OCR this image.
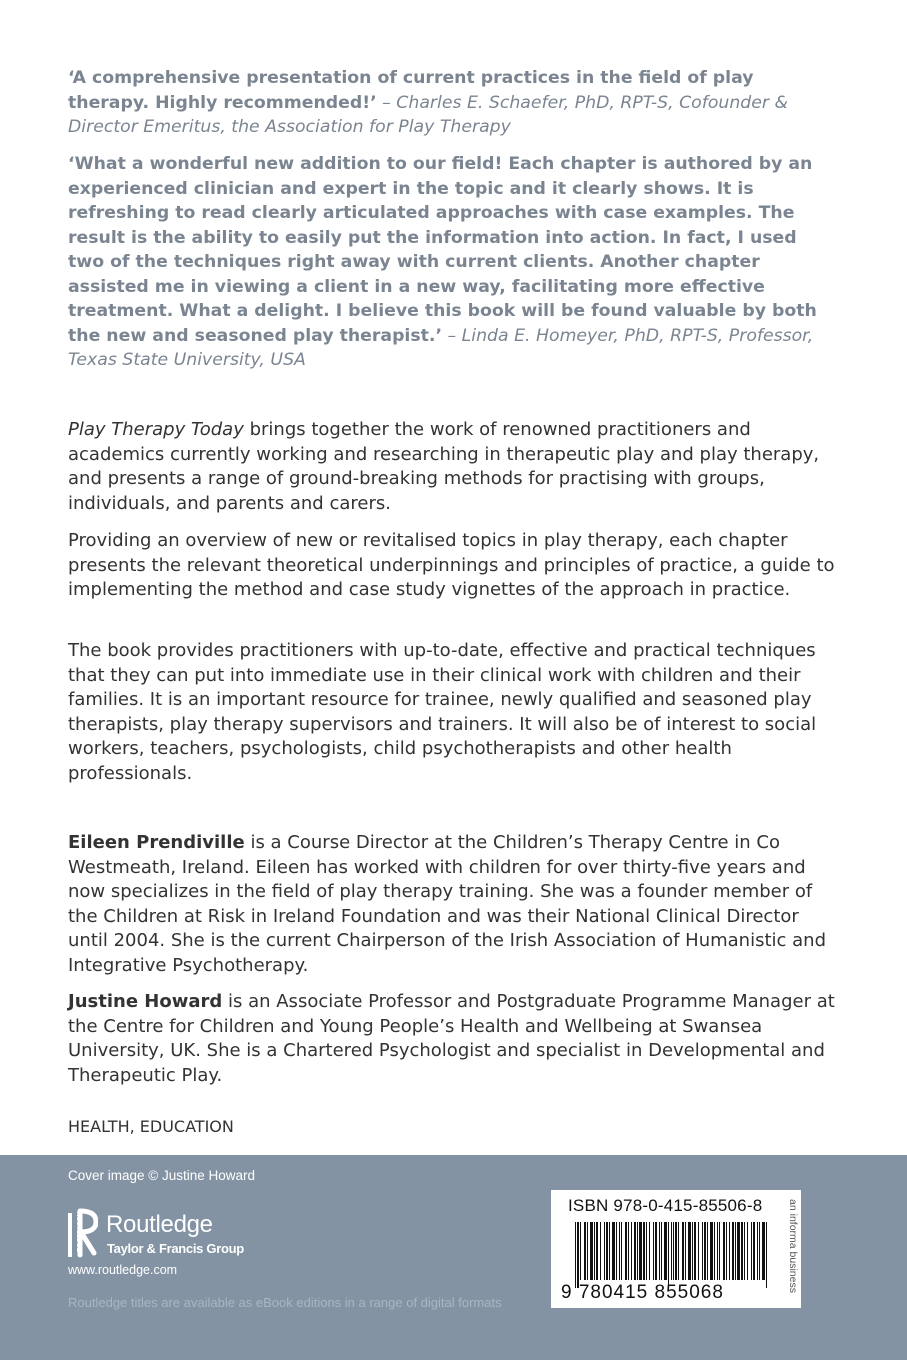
‘A comprehensive presentation of current practices in the field of play therapy. Highly recommended!’ – Charles E. Schaefer, PhD, RPT-S, Cofounder & Director Emeritus, the Association for Play Therapy
‘What a wonderful new addition to our field! Each chapter is authored by an experienced clinician and expert in the topic and it clearly shows. It is refreshing to read clearly articulated approaches with case examples. The result is the ability to easily put the information into action. In fact, I used two of the techniques right away with current clients. Another chapter assisted me in viewing a client in a new way, facilitating more effective treatment. What a delight. I believe this book will be found valuable by both the new and seasoned play therapist.’ – Linda E. Homeyer, PhD, RPT-S, Professor, Texas State University, USA
Play Therapy Today brings together the work of renowned practitioners and academics currently working and researching in therapeutic play and play therapy, and presents a range of ground-breaking methods for practising with groups, individuals, and parents and carers.
Providing an overview of new or revitalised topics in play therapy, each chapter presents the relevant theoretical underpinnings and principles of practice, a guide to implementing the method and case study vignettes of the approach in practice.
The book provides practitioners with up-to-date, effective and practical techniques that they can put into immediate use in their clinical work with children and their families. It is an important resource for trainee, newly qualified and seasoned play therapists, play therapy supervisors and trainers. It will also be of interest to social workers, teachers, psychologists, child psychotherapists and other health professionals.
Eileen Prendiville is a Course Director at the Children’s Therapy Centre in Co Westmeath, Ireland. Eileen has worked with children for over thirty-five years and now specializes in the field of play therapy training. She was a founder member of the Children at Risk in Ireland Foundation and was their National Clinical Director until 2004. She is the current Chairperson of the Irish Association of Humanistic and Integrative Psychotherapy.
Justine Howard is an Associate Professor and Postgraduate Programme Manager at the Centre for Children and Young People’s Health and Wellbeing at Swansea University, UK. She is a Chartered Psychologist and specialist in Developmental and Therapeutic Play.
HEALTH, EDUCATION
Cover image © Justine Howard
ROUTLEDGE Routledge
Taylor & Francis Group
www.routledge.com
Routledge titles are available as eBook editions in a range of digital formats
ISBN 978-0-415-85506-8
9 780415 855068	an informa business
